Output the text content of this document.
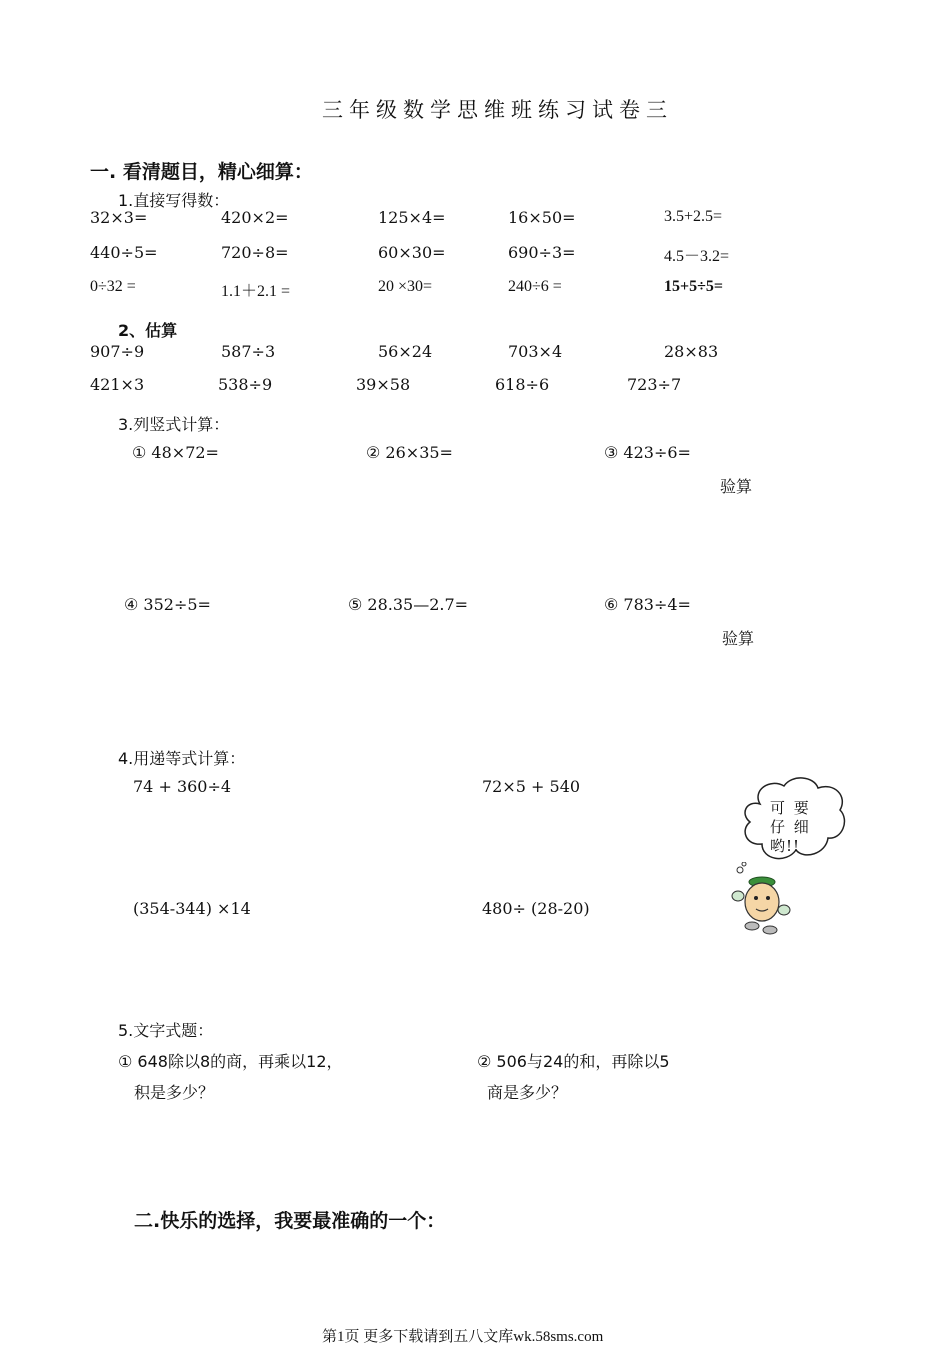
三年级数学思维班练习试卷三
一. 看清题目，精心细算：
1.直接写得数：
32×3=	420×2=	125×4=	16×50=	3.5+2.5=
440÷5=	720÷8=	60×30=	690÷3=	4.5－3.2=
0÷32 =	1.1＋2.1 =	20 ×30=	240÷6 =	15+5÷5=
2、估算
907÷9	587÷3	56×24	703×4	28×83
421×3	538÷9	39×58	618÷6	723÷7
3.列竖式计算：
① 48×72=	② 26×35=	③ 423÷6=
验算
④ 352÷5=	⑤ 28.35—2.7=	⑥ 783÷4=
验算
4.用递等式计算：
74 + 360÷4	72×5 + 540
(354-344) ×14	480÷ (28-20)
可 要
仔 细
哟!!
5.文字式题：
① 648除以8的商，再乘以12，
积是多少？
② 506与24的和，再除以5
商是多少？
二.快乐的选择，我要最准确的一个：
第1页 更多下载请到五八文库wk.58sms.com
